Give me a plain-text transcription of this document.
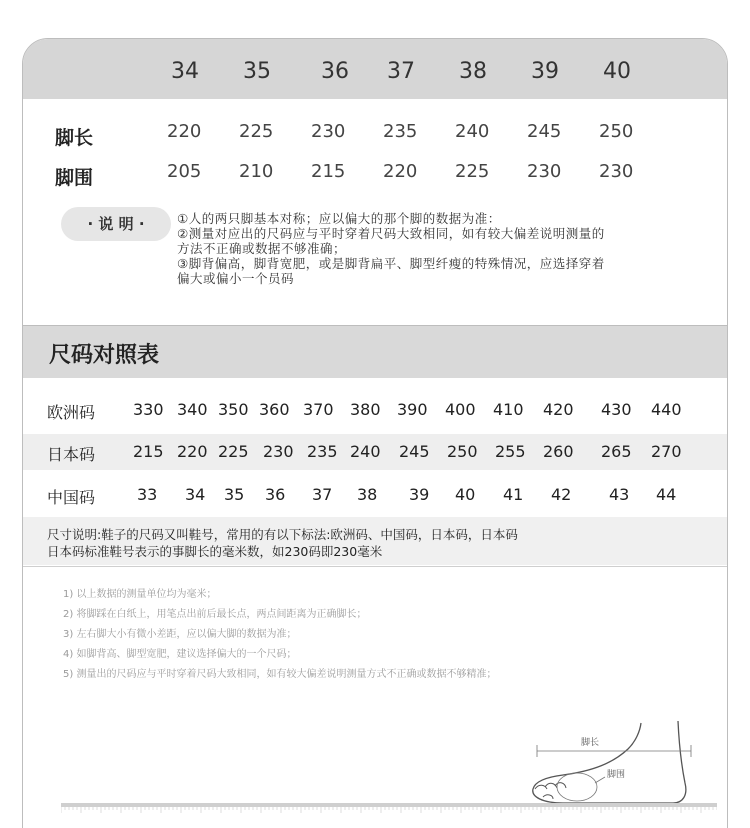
34 35 36 37 38 39 40
脚长	220 225 230 235 240 245 250
脚围	205 210 215 220 225 230 230
· 说 明 ·	①人的两只脚基本对称；应以偏大的那个脚的数据为准：
②测量对应出的尺码应与平时穿着尺码大致相同，如有较大偏差说明测量的
方法不正确或数据不够准确；
③脚背偏高，脚背宽肥，或是脚背扁平、脚型纤瘦的特殊情况，应选择穿着
偏大或偏小一个员码
尺码对照表
欧洲码 330 340 350 360 370 380 390 400 410 420 430 440
日本码 215 220 225 230 235 240 245 250 255 260 265 270
中国码	33 34 35 36 37 38 39 40 41 42 43 44
尺寸说明:鞋子的尺码又叫鞋号，常用的有以下标法:欧洲码、中国码，日本码，日本码
日本码标准鞋号表示的事脚长的毫米数，如230码即230毫米
1) 以上数据的测量单位均为毫米；
2) 将脚踩在白纸上，用笔点出前后最长点，两点间距离为正确脚长；
3) 左右脚大小有微小差距，应以偏大脚的数据为准；
4) 如脚背高、脚型宽肥，建议选择偏大的一个尺码；
5) 测量出的尺码应与平时穿着尺码大致相同，如有较大偏差说明测量方式不正确或数据不够精准；
脚长
脚围
